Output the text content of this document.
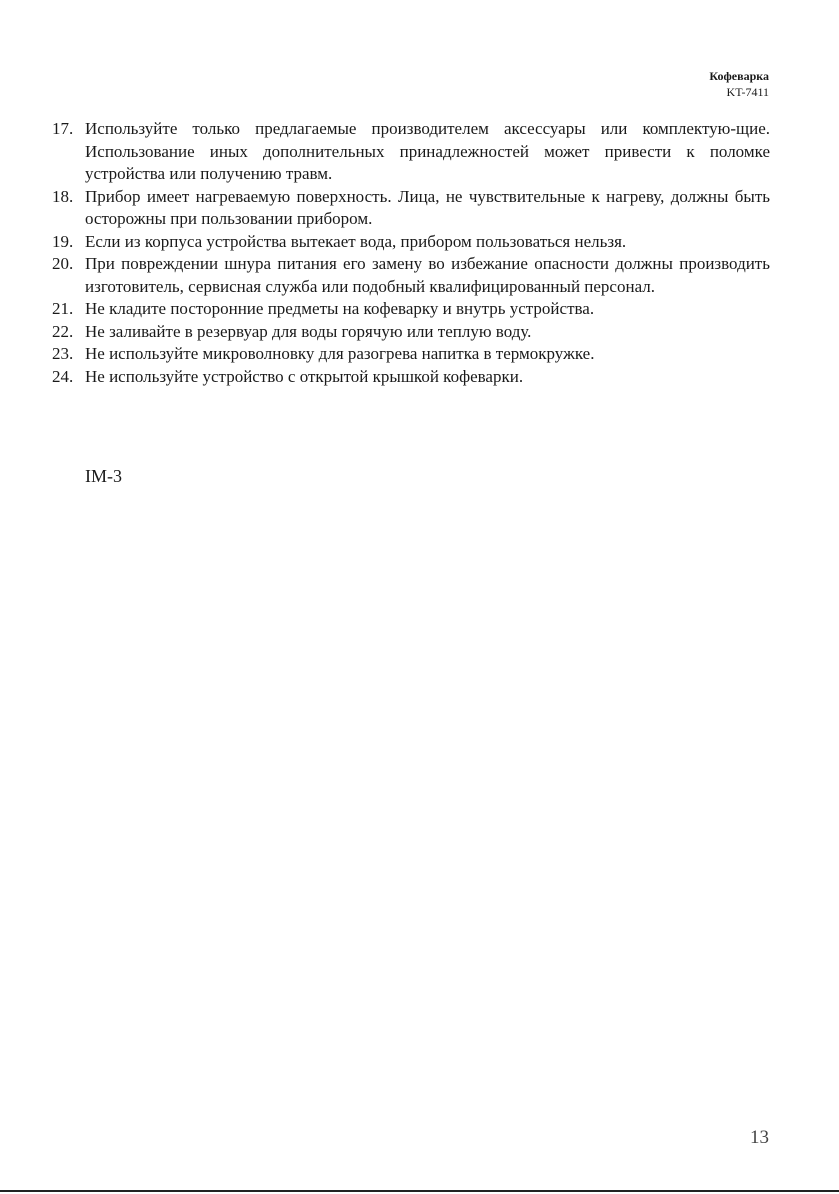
Кофеварка
KT-7411
17. Используйте только предлагаемые производителем аксессуары или комплектую-щие. Использование иных дополнительных принадлежностей может привести к поломке устройства или получению травм.
18. Прибор имеет нагреваемую поверхность. Лица, не чувствительные к нагреву, должны быть осторожны при пользовании прибором.
19. Если из корпуса устройства вытекает вода, прибором пользоваться нельзя.
20. При повреждении шнура питания его замену во избежание опасности должны производить изготовитель, сервисная служба или подобный квалифицированный персонал.
21. Не кладите посторонние предметы на кофеварку и внутрь устройства.
22. Не заливайте в резервуар для воды горячую или теплую воду.
23. Не используйте микроволновку для разогрева напитка в термокружке.
24. Не используйте устройство с открытой крышкой кофеварки.
IM-3
13
